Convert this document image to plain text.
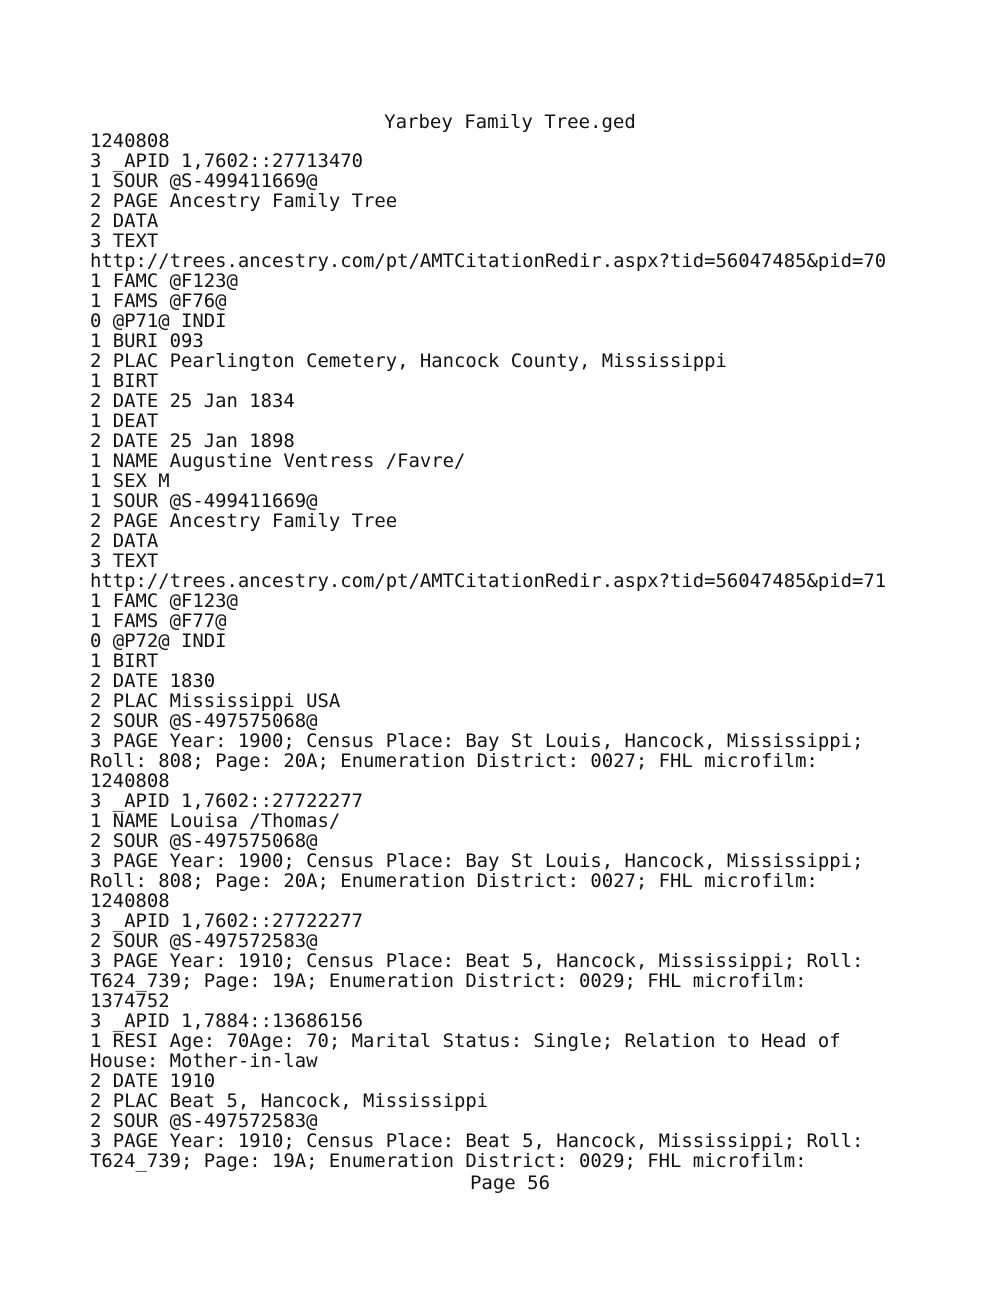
Yarbey Family Tree.ged
1240808
3 _APID 1,7602::27713470
1 SOUR @S-499411669@
2 PAGE Ancestry Family Tree
2 DATA
3 TEXT
http://trees.ancestry.com/pt/AMTCitationRedir.aspx?tid=56047485&pid=70
1 FAMC @F123@
1 FAMS @F76@
0 @P71@ INDI
1 BURI 093
2 PLAC Pearlington Cemetery, Hancock County, Mississippi
1 BIRT
2 DATE 25 Jan 1834
1 DEAT
2 DATE 25 Jan 1898
1 NAME Augustine Ventress /Favre/
1 SEX M
1 SOUR @S-499411669@
2 PAGE Ancestry Family Tree
2 DATA
3 TEXT
http://trees.ancestry.com/pt/AMTCitationRedir.aspx?tid=56047485&pid=71
1 FAMC @F123@
1 FAMS @F77@
0 @P72@ INDI
1 BIRT
2 DATE 1830
2 PLAC Mississippi USA
2 SOUR @S-497575068@
3 PAGE Year: 1900; Census Place: Bay St Louis, Hancock, Mississippi;
Roll: 808; Page: 20A; Enumeration District: 0027; FHL microfilm:
1240808
3 _APID 1,7602::27722277
1 NAME Louisa /Thomas/
2 SOUR @S-497575068@
3 PAGE Year: 1900; Census Place: Bay St Louis, Hancock, Mississippi;
Roll: 808; Page: 20A; Enumeration District: 0027; FHL microfilm:
1240808
3 _APID 1,7602::27722277
2 SOUR @S-497572583@
3 PAGE Year: 1910; Census Place: Beat 5, Hancock, Mississippi; Roll:
T624_739; Page: 19A; Enumeration District: 0029; FHL microfilm:
1374752
3 _APID 1,7884::13686156
1 RESI Age: 70Age: 70; Marital Status: Single; Relation to Head of
House: Mother-in-law
2 DATE 1910
2 PLAC Beat 5, Hancock, Mississippi
2 SOUR @S-497572583@
3 PAGE Year: 1910; Census Place: Beat 5, Hancock, Mississippi; Roll:
T624_739; Page: 19A; Enumeration District: 0029; FHL microfilm:
Page 56
